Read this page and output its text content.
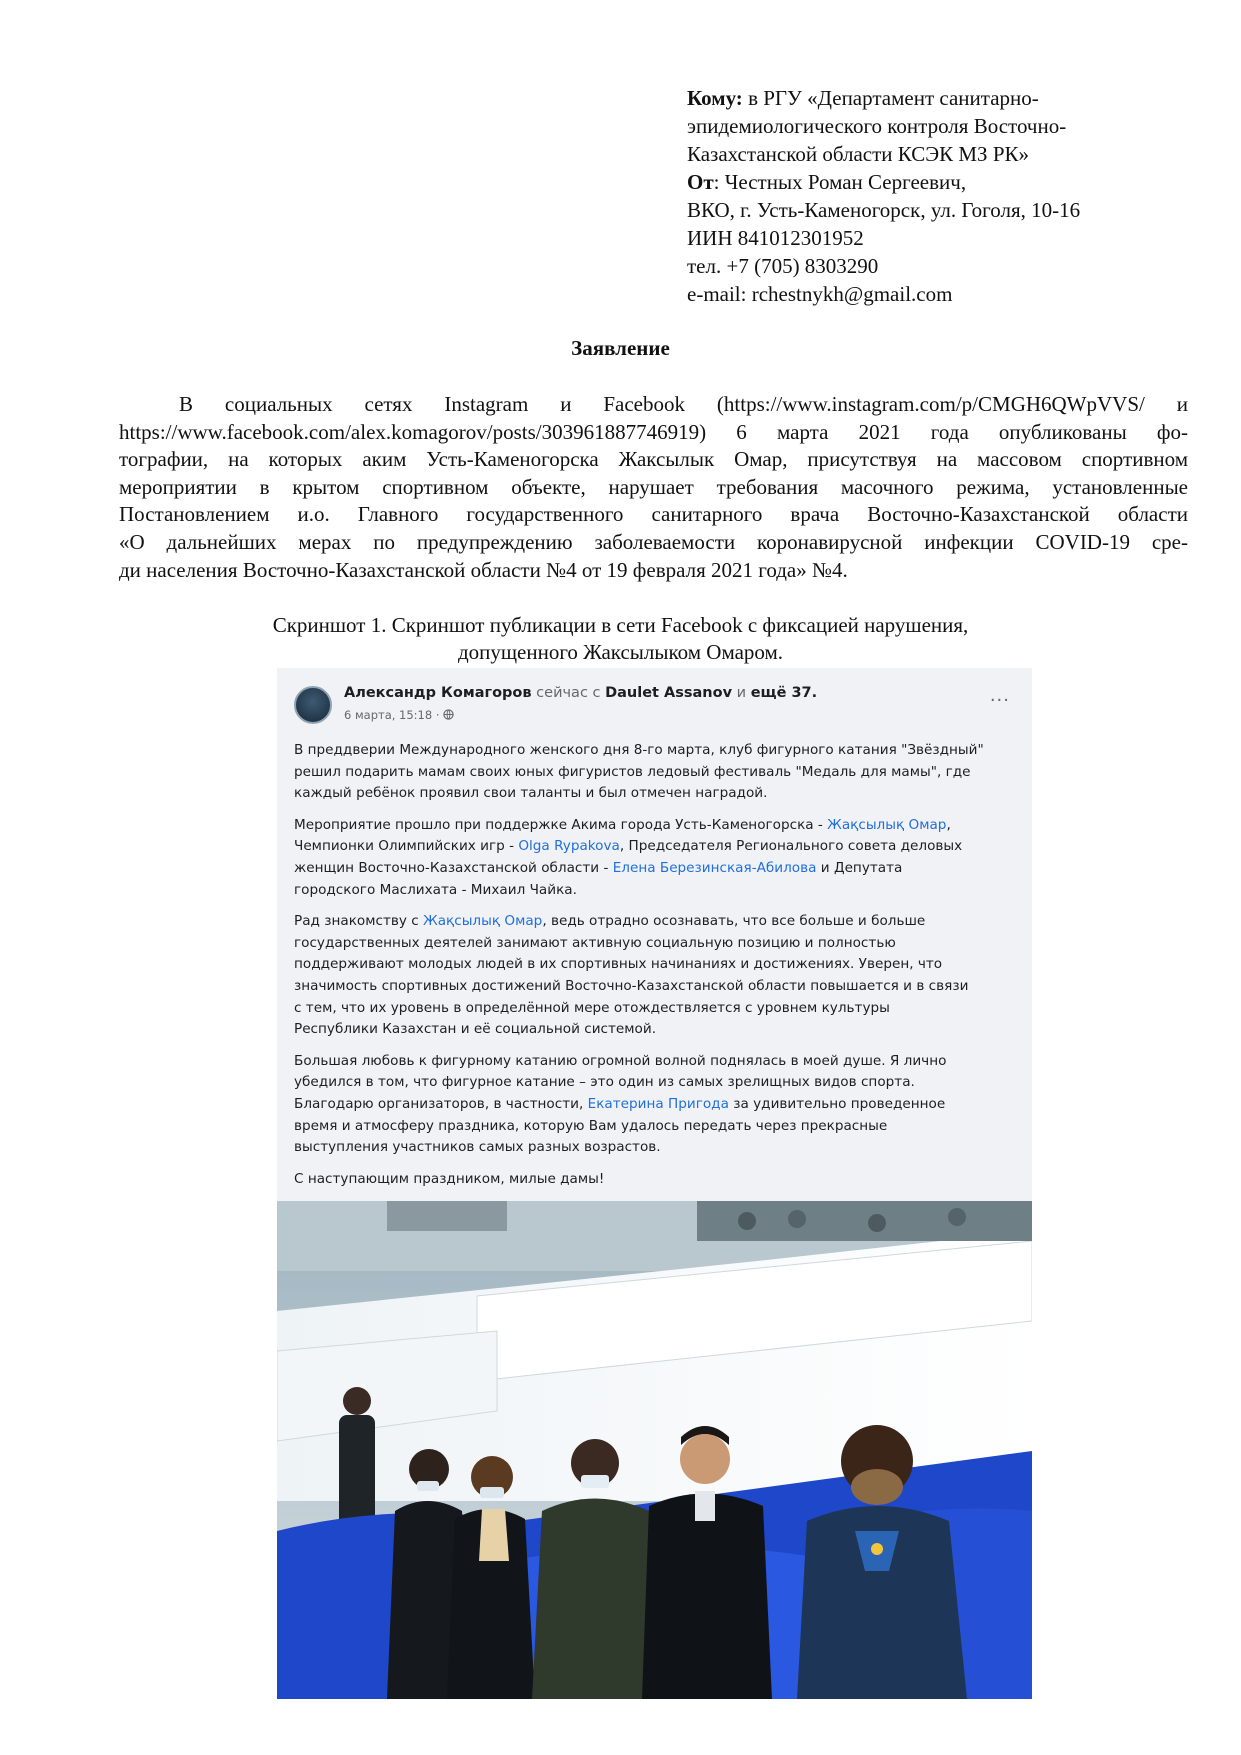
Кому: в РГУ «Департамент санитарно-
эпидемиологического контроля Восточно-
Казахстанской области КСЭК МЗ РК»
От: Честных Роман Сергеевич,
ВКО, г. Усть-Каменогорск, ул. Гоголя, 10-16
ИИН 841012301952
тел. +7 (705) 8303290
e-mail: rchestnykh@gmail.com
Заявление
В социальных сетях Instagram и Facebook (https://www.instagram.com/p/CMGH6QWpVVS/ и
https://www.facebook.com/alex.komagorov/posts/303961887746919) 6 марта 2021 года опубликованы фо-
тографии, на которых аким Усть-Каменогорска Жаксылык Омар, присутствуя на массовом спортивном
мероприятии в крытом спортивном объекте, нарушает требования масочного режима, установленные
Постановлением и.о. Главного государственного санитарного врача Восточно-Казахстанской области
«О дальнейших мерах по предупреждению заболеваемости коронавирусной инфекции COVID-19 сре-
ди населения Восточно-Казахстанской области №4 от 19 февраля 2021 года» №4.
Скриншот 1. Скриншот публикации в сети Facebook с фиксацией нарушения,
допущенного Жаксылыком Омаром.
Александр Комагоров сейчас с Daulet Assanov и ещё 37.
6 марта, 15:18 ·
···

В преддверии Международного женского дня 8-го марта, клуб фигурного катания "Звёздный"
решил подарить мамам своих юных фигуристов ледовый фестиваль "Медаль для мамы", где
каждый ребёнок проявил свои таланты и был отмечен наградой.

Мероприятие прошло при поддержке Акима города Усть-Каменогорска - Жақсылық Омар,
Чемпионки Олимпийских игр - Olga Rypakova, Председателя Регионального совета деловых
женщин Восточно-Казахстанской области - Елена Березинская-Абилова и Депутата
городского Маслихата - Михаил Чайка.

Рад знакомству с Жақсылық Омар, ведь отрадно осознавать, что все больше и больше
государственных деятелей занимают активную социальную позицию и полностью
поддерживают молодых людей в их спортивных начинаниях и достижениях. Уверен, что
значимость спортивных достижений Восточно-Казахстанской области повышается и в связи
с тем, что их уровень в определённой мере отождествляется с уровнем культуры
Республики Казахстан и её социальной системой.

Большая любовь к фигурному катанию огромной волной поднялась в моей душе. Я лично
убедился в том, что фигурное катание – это один из самых зрелищных видов спорта.
Благодарю организаторов, в частности, Екатерина Пригода за удивительно проведенное
время и атмосферу праздника, которую Вам удалось передать через прекрасные
выступления участников самых разных возрастов.

С наступающим праздником, милые дамы!
